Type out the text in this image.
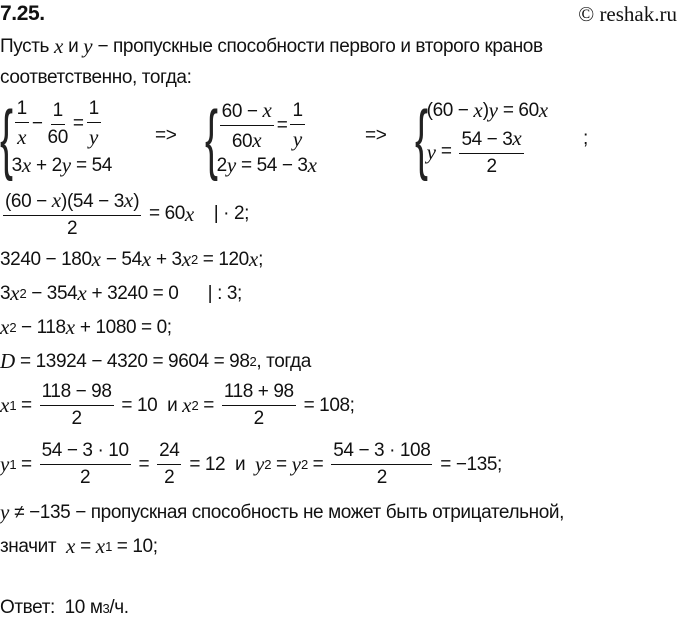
7.25.	© reshak.ru
Пусть x и y − пропускные способности первого и второго кранов
соответственно, тогда:
{ $\frac{1}{x} - \frac{1}{60} = \frac{1}{y}$
3 x + 2 y = 54
=> { $\frac{60 - x}{60x} = \frac{1}{y}$
2 y = 54 − 3 x
=> {
(60 − x ) y = 60 x
$y = \frac{54 - 3x}{2}$	;
$\frac{(60 - x)(54 - 3x)}{2} = 60$ x | · 2;
3240 − 180 x − 54 x + 3 x 2 = 120 x ;
3 x 2 − 354 x + 3240 = 0      | : 3;
x 2 − 118 x + 1080 = 0;
D = 13924 − 4320 = 9604 = 98 2 , тогда
x $1 = \frac{118 - 98}{2} = 10$  и x $2 = \frac{118 + 98}{2} = 108$;
y $1 = \frac{54 - 3 \cdot 10}{2} = \frac{24}{2} = 12$  и y 2 = y $2 = \frac{54 - 3 \cdot 108}{2} = -135$;
y ≠ −135 − пропускная способность не может быть отрицательной,
значит x = x 1 = 10;
Ответ:  10 м 3 /ч.
